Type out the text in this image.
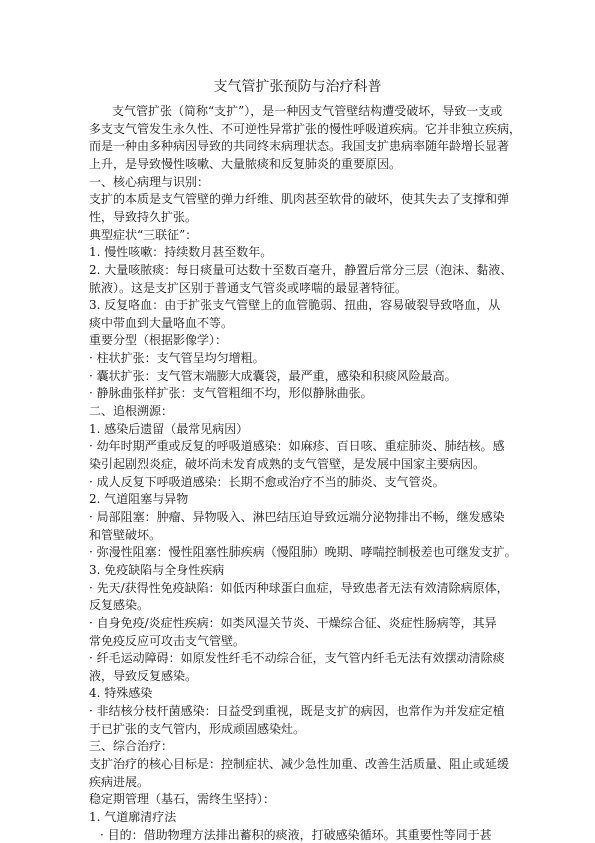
支气管扩张预防与治疗科普
支气管扩张（简称“支扩”），是一种因支气管壁结构遭受破坏，导致一支或
多支支气管发生永久性、不可逆性异常扩张的慢性呼吸道疾病。它并非独立疾病，
而是一种由多种病因导致的共同终末病理状态。我国支扩患病率随年龄增长显著
上升，是导致慢性咳嗽、大量脓痰和反复肺炎的重要原因。
一、核心病理与识别：
支扩的本质是支气管壁的弹力纤维、肌肉甚至软骨的破坏，使其失去了支撑和弹
性，导致持久扩张。
典型症状“三联征”：
1. 慢性咳嗽：持续数月甚至数年。
2. 大量咳脓痰：每日痰量可达数十至数百毫升，静置后常分三层（泡沫、黏液、
脓液）。这是支扩区别于普通支气管炎或哮喘的最显著特征。
3. 反复咯血：由于扩张支气管壁上的血管脆弱、扭曲，容易破裂导致咯血，从
痰中带血到大量咯血不等。
重要分型（根据影像学）：
· 柱状扩张：支气管呈均匀增粗。
· 囊状扩张：支气管末端膨大成囊袋，最严重，感染和积痰风险最高。
· 静脉曲张样扩张：支气管粗细不均，形似静脉曲张。
二、追根溯源：
1. 感染后遗留（最常见病因）
· 幼年时期严重或反复的呼吸道感染：如麻疹、百日咳、重症肺炎、肺结核。感
染引起剧烈炎症，破坏尚未发育成熟的支气管壁，是发展中国家主要病因。
· 成人反复下呼吸道感染：长期不愈或治疗不当的肺炎、支气管炎。
2. 气道阻塞与异物
· 局部阻塞：肿瘤、异物吸入、淋巴结压迫导致远端分泌物排出不畅，继发感染
和管壁破坏。
· 弥漫性阻塞：慢性阻塞性肺疾病（慢阻肺）晚期、哮喘控制极差也可继发支扩。
3. 免疫缺陷与全身性疾病
· 先天/获得性免疫缺陷：如低丙种球蛋白血症，导致患者无法有效清除病原体，
反复感染。
· 自身免疫/炎症性疾病：如类风湿关节炎、干燥综合征、炎症性肠病等，其异
常免疫反应可攻击支气管壁。
· 纤毛运动障碍：如原发性纤毛不动综合征，支气管内纤毛无法有效摆动清除痰
液，导致反复感染。
4. 特殊感染
· 非结核分枝杆菌感染：日益受到重视，既是支扩的病因，也常作为并发症定植
于已扩张的支气管内，形成顽固感染灶。
三、综合治疗：
支扩治疗的核心目标是：控制症状、减少急性加重、改善生活质量、阻止或延缓
疾病进展。
稳定期管理（基石，需终生坚持）：
1. 气道廓清疗法
· 目的：借助物理方法排出蓄积的痰液，打破感染循环。其重要性等同于甚
